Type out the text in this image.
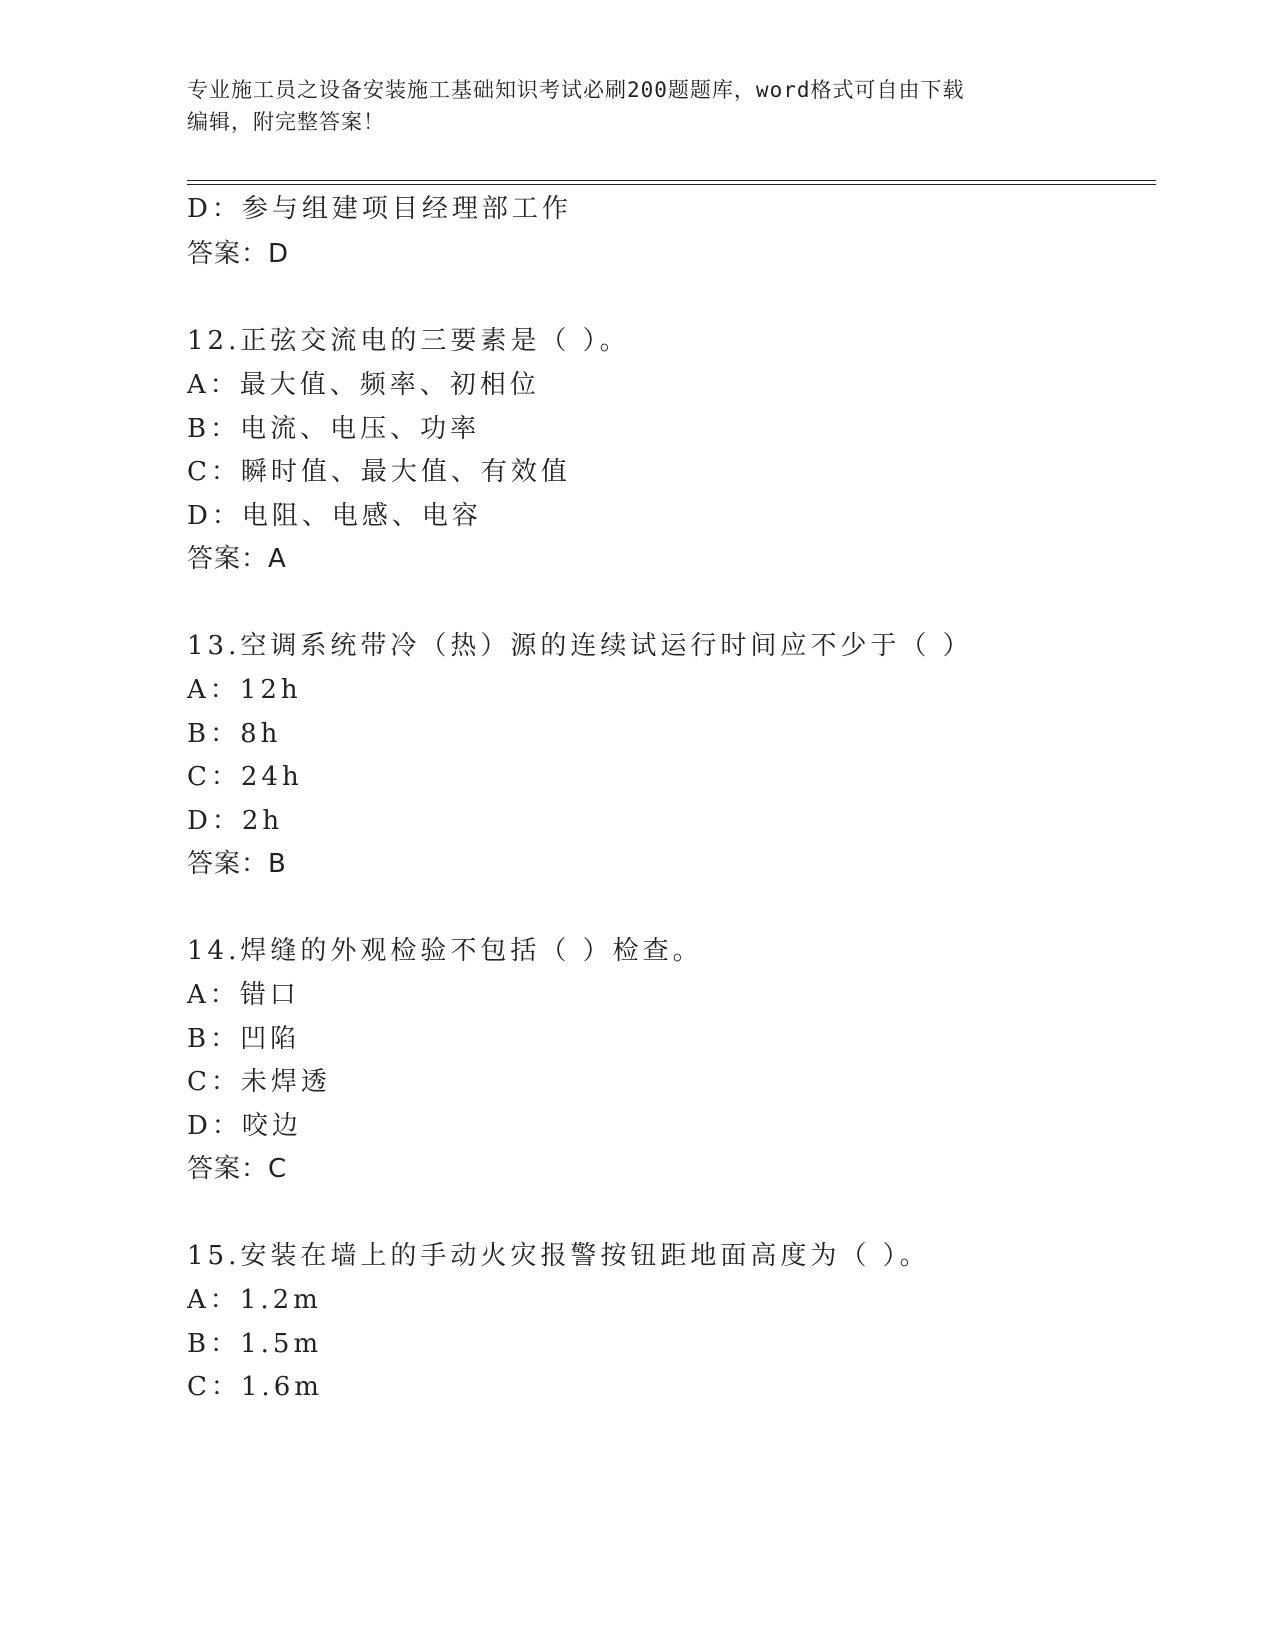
专业施工员之设备安装施工基础知识考试必刷200题题库，word格式可自由下载
编辑，附完整答案！
D：参与组建项目经理部工作
答案：D
12.正弦交流电的三要素是（ ）。
A：最大值、频率、初相位
B：电流、电压、功率
C：瞬时值、最大值、有效值
D：电阻、电感、电容
答案：A
13.空调系统带冷（热）源的连续试运行时间应不少于（ ）
A：12h
B：8h
C：24h
D：2h
答案：B
14.焊缝的外观检验不包括（ ）检查。
A：错口
B：凹陷
C：未焊透
D：咬边
答案：C
15.安装在墙上的手动火灾报警按钮距地面高度为（ ）。
A：1.2m
B：1.5m
C：1.6m
